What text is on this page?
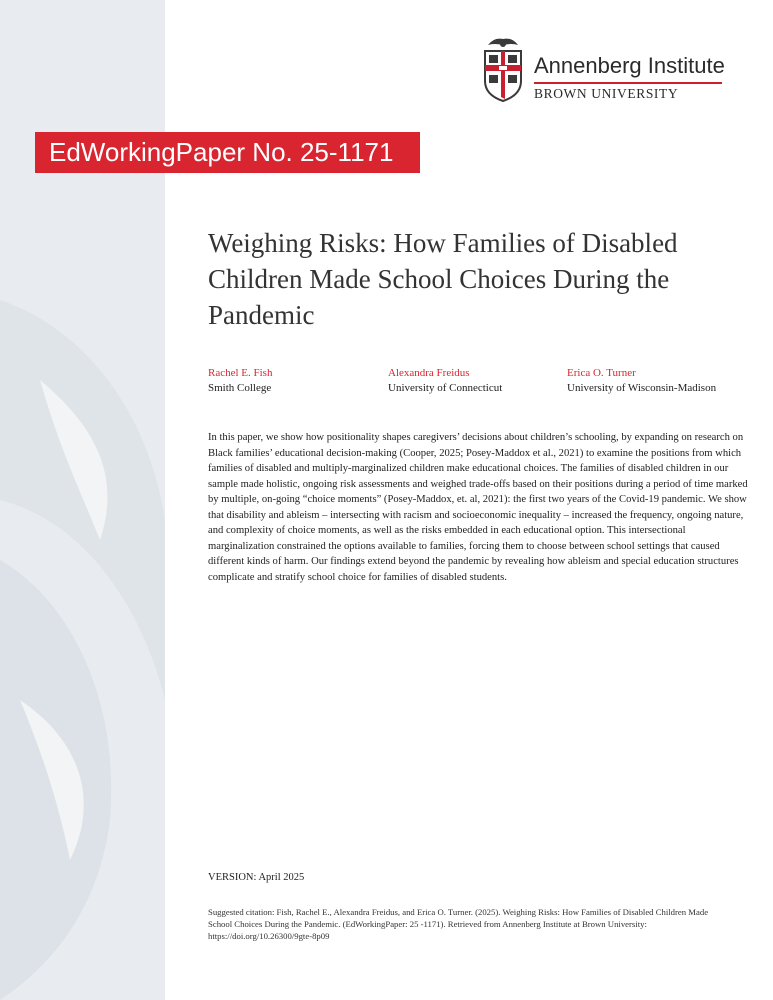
Annenberg Institute
BROWN UNIVERSITY
EdWorkingPaper No. 25-1171
Weighing Risks: How Families of Disabled Children Made School Choices During the Pandemic
Rachel E. Fish
Smith College
Alexandra Freidus
University of Connecticut
Erica O. Turner
University of Wisconsin-Madison

In this paper, we show how positionality shapes caregivers’ decisions about children’s schooling, by expanding on research on Black families’ educational decision-making (Cooper, 2025; Posey-Maddox et al., 2021) to examine the positions from which families of disabled and multiply-marginalized children make educational choices. The families of disabled children in our sample made holistic, ongoing risk assessments and weighed trade-offs based on their positions during a period of time marked by multiple, on-going “choice moments” (Posey-Maddox, et. al, 2021): the first two years of the Covid-19 pandemic. We show that disability and ableism – intersecting with racism and socioeconomic inequality – increased the frequency, ongoing nature, and complexity of choice moments, as well as the risks embedded in each educational option. This intersectional marginalization constrained the options available to families, forcing them to choose between school settings that caused different kinds of harm. Our findings extend beyond the pandemic by revealing how ableism and special education structures complicate and stratify school choice for families of disabled students.

VERSION: April 2025

Suggested citation: Fish, Rachel E., Alexandra Freidus, and Erica O. Turner. (2025). Weighing Risks: How Families of Disabled Children Made School Choices During the Pandemic. (EdWorkingPaper: 25 -1171). Retrieved from Annenberg Institute at Brown University: https://doi.org/10.26300/9gte-8p09
